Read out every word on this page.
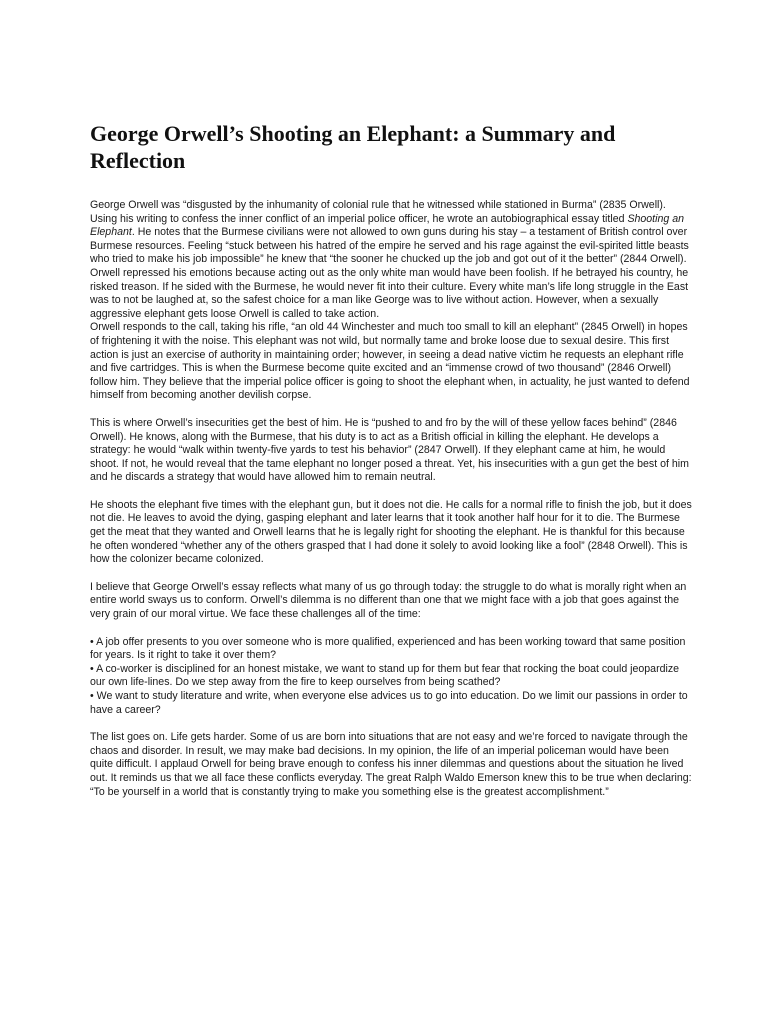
George Orwell’s Shooting an Elephant: a Summary and Reflection

George Orwell was “disgusted by the inhumanity of colonial rule that he witnessed while stationed in Burma” (2835 Orwell). Using his writing to confess the inner conflict of an imperial police officer, he wrote an autobiographical essay titled Shooting an Elephant. He notes that the Burmese civilians were not allowed to own guns during his stay – a testament of British control over Burmese resources. Feeling “stuck between his hatred of the empire he served and his rage against the evil-spirited little beasts who tried to make his job impossible” he knew that “the sooner he chucked up the job and got out of it the better” (2844 Orwell). Orwell repressed his emotions because acting out as the only white man would have been foolish. If he betrayed his country, he risked treason. If he sided with the Burmese, he would never fit into their culture. Every white man’s life long struggle in the East was to not be laughed at, so the safest choice for a man like George was to live without action. However, when a sexually aggressive elephant gets loose Orwell is called to take action.

Orwell responds to the call, taking his rifle, “an old 44 Winchester and much too small to kill an elephant” (2845 Orwell) in hopes of frightening it with the noise. This elephant was not wild, but normally tame and broke loose due to sexual desire. This first action is just an exercise of authority in maintaining order; however, in seeing a dead native victim he requests an elephant rifle and five cartridges. This is when the Burmese become quite excited and an “immense crowd of two thousand” (2846 Orwell) follow him. They believe that the imperial police officer is going to shoot the elephant when, in actuality, he just wanted to defend himself from becoming another devilish corpse.

This is where Orwell’s insecurities get the best of him. He is “pushed to and fro by the will of these yellow faces behind” (2846 Orwell). He knows, along with the Burmese, that his duty is to act as a British official in killing the elephant. He develops a strategy: he would “walk within twenty-five yards to test his behavior” (2847 Orwell). If they elephant came at him, he would shoot. If not, he would reveal that the tame elephant no longer posed a threat. Yet, his insecurities with a gun get the best of him and he discards a strategy that would have allowed him to remain neutral.

He shoots the elephant five times with the elephant gun, but it does not die. He calls for a normal rifle to finish the job, but it does not die. He leaves to avoid the dying, gasping elephant and later learns that it took another half hour for it to die. The Burmese get the meat that they wanted and Orwell learns that he is legally right for shooting the elephant. He is thankful for this because he often wondered “whether any of the others grasped that I had done it solely to avoid looking like a fool” (2848 Orwell). This is how the colonizer became colonized.

I believe that George Orwell’s essay reflects what many of us go through today: the struggle to do what is morally right when an entire world sways us to conform. Orwell’s dilemma is no different than one that we might face with a job that goes against the very grain of our moral virtue. We face these challenges all of the time:

• A job offer presents to you over someone who is more qualified, experienced and has been working toward that same position for years. Is it right to take it over them?

• A co-worker is disciplined for an honest mistake, we want to stand up for them but fear that rocking the boat could jeopardize our own life-lines. Do we step away from the fire to keep ourselves from being scathed?

• We want to study literature and write, when everyone else advices us to go into education. Do we limit our passions in order to have a career?

The list goes on. Life gets harder. Some of us are born into situations that are not easy and we’re forced to navigate through the chaos and disorder. In result, we may make bad decisions. In my opinion, the life of an imperial policeman would have been quite difficult. I applaud Orwell for being brave enough to confess his inner dilemmas and questions about the situation he lived out. It reminds us that we all face these conflicts everyday. The great Ralph Waldo Emerson knew this to be true when declaring: “To be yourself in a world that is constantly trying to make you something else is the greatest accomplishment.”
